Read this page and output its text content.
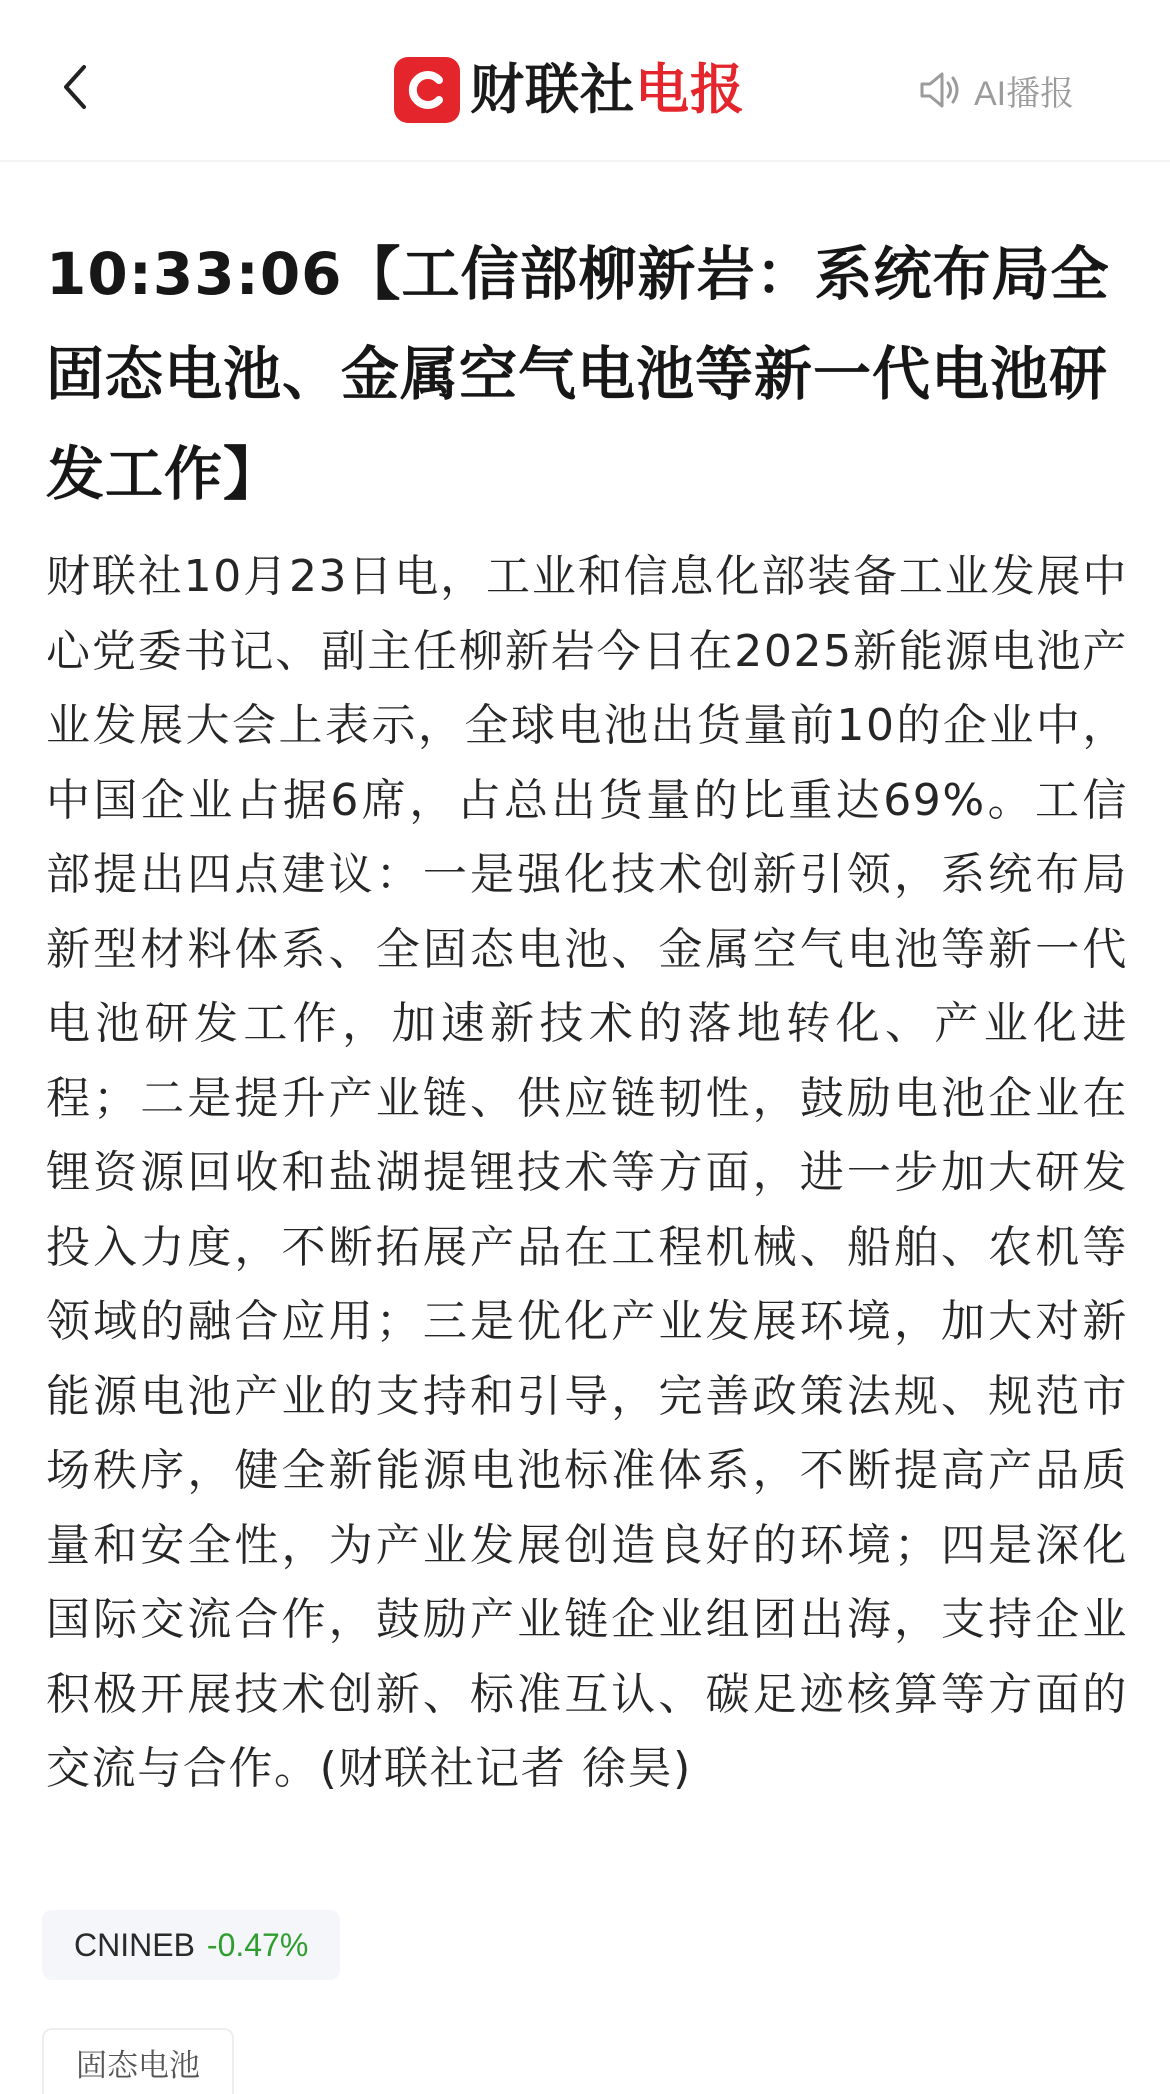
财联社电报	AI播报
10:33:06【工信部柳新岩：系统布局全固态电池、金属空气电池等新一代电池研发工作】

财联社10月23日电，工业和信息化部装备工业发展中心党委书记、副主任柳新岩今日在2025新能源电池产业发展大会上表示，全球电池出货量前10的企业中，中国企业占据6席，占总出货量的比重达69%。工信部提出四点建议：一是强化技术创新引领，系统布局新型材料体系、全固态电池、金属空气电池等新一代电池研发工作，加速新技术的落地转化、产业化进程；二是提升产业链、供应链韧性，鼓励电池企业在锂资源回收和盐湖提锂技术等方面，进一步加大研发投入力度，不断拓展产品在工程机械、船舶、农机等领域的融合应用；三是优化产业发展环境，加大对新能源电池产业的支持和引导，完善政策法规、规范市场秩序，健全新能源电池标准体系，不断提高产品质量和安全性，为产业发展创造良好的环境；四是深化国际交流合作，鼓励产业链企业组团出海，支持企业积极开展技术创新、标准互认、碳足迹核算等方面的交流与合作。(财联社记者 徐昊)

CNINEB -0.47%
固态电池
